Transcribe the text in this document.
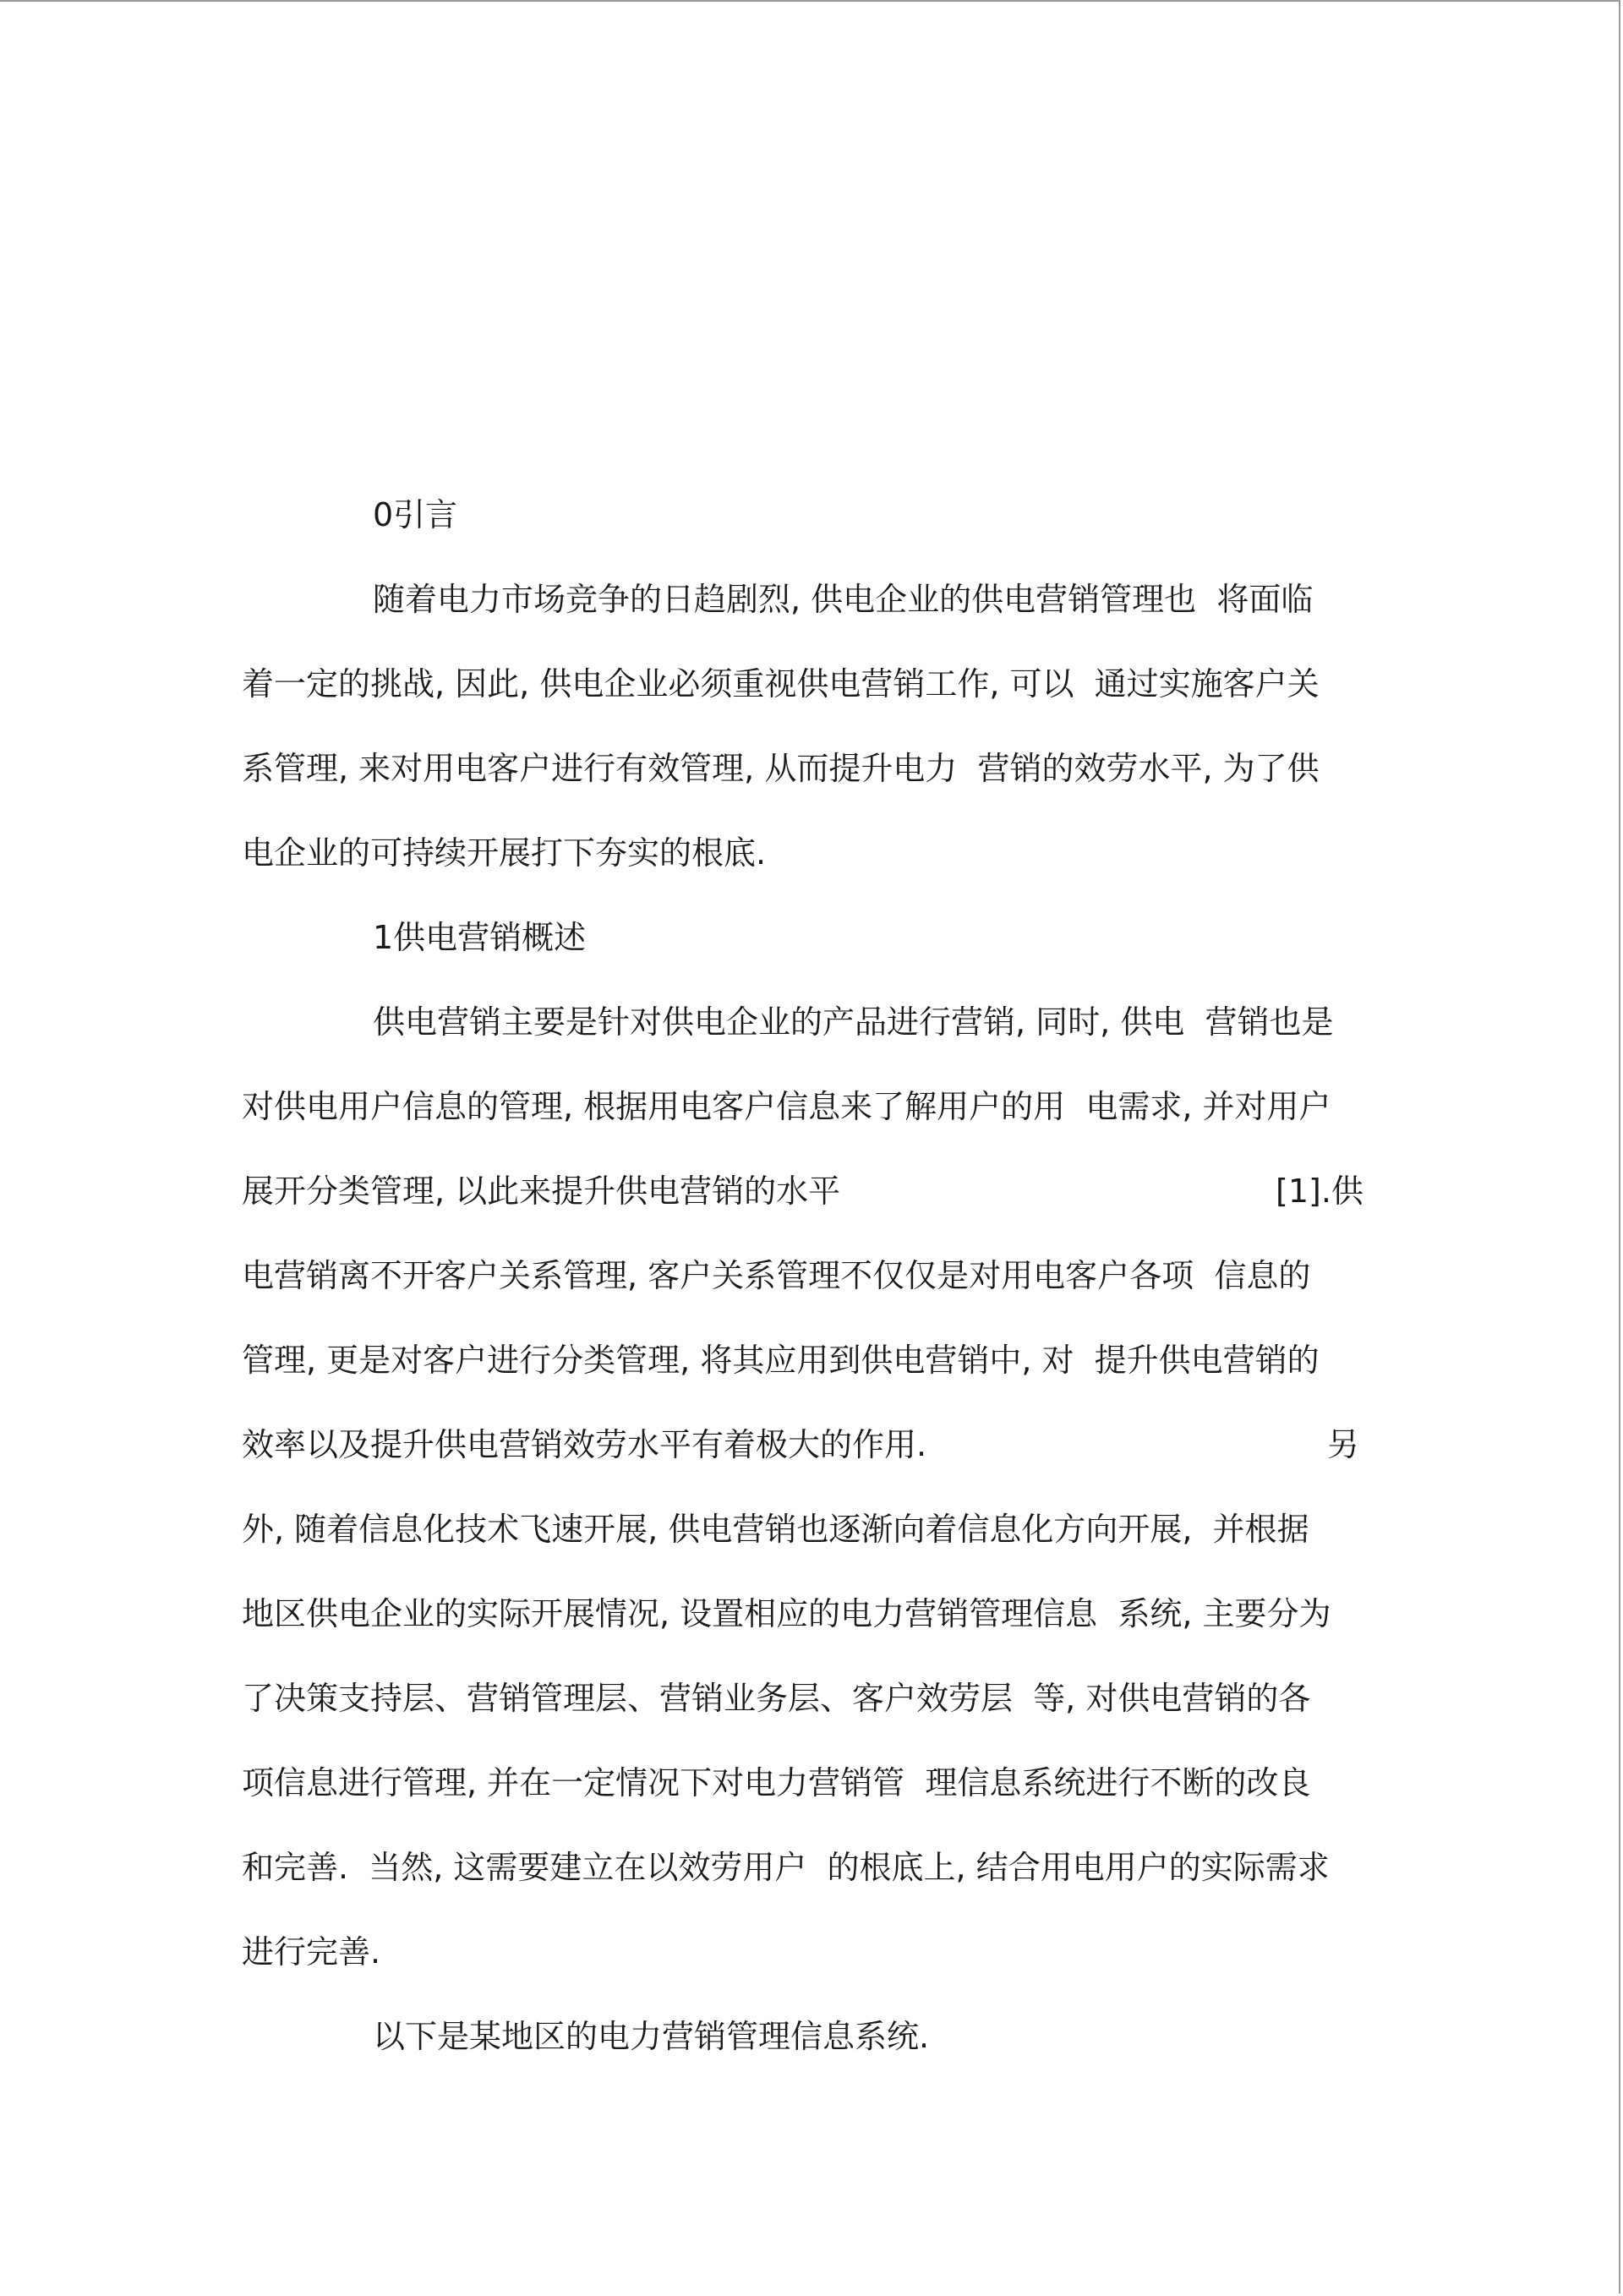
0引言
随着电力市场竞争的日趋剧烈, 供电企业的供电营销管理也  将面临
着一定的挑战, 因此, 供电企业必须重视供电营销工作, 可以  通过实施客户关
系管理, 来对用电客户进行有效管理, 从而提升电力  营销的效劳水平, 为了供
电企业的可持续开展打下夯实的根底.
1供电营销概述
供电营销主要是针对供电企业的产品进行营销, 同时, 供电  营销也是
对供电用户信息的管理, 根据用电客户信息来了解用户的用  电需求, 并对用户
展开分类管理, 以此来提升供电营销的水平	[1].供
电营销离不开客户关系管理, 客户关系管理不仅仅是对用电客户各项  信息的
管理, 更是对客户进行分类管理, 将其应用到供电营销中, 对  提升供电营销的
效率以及提升供电营销效劳水平有着极大的作用.	另
外, 随着信息化技术飞速开展, 供电营销也逐渐向着信息化方向开展,  并根据
地区供电企业的实际开展情况, 设置相应的电力营销管理信息  系统, 主要分为
了决策支持层、营销管理层、营销业务层、客户效劳层  等, 对供电营销的各
项信息进行管理, 并在一定情况下对电力营销管  理信息系统进行不断的改良
和完善.  当然, 这需要建立在以效劳用户  的根底上, 结合用电用户的实际需求
进行完善.
以下是某地区的电力营销管理信息系统.
